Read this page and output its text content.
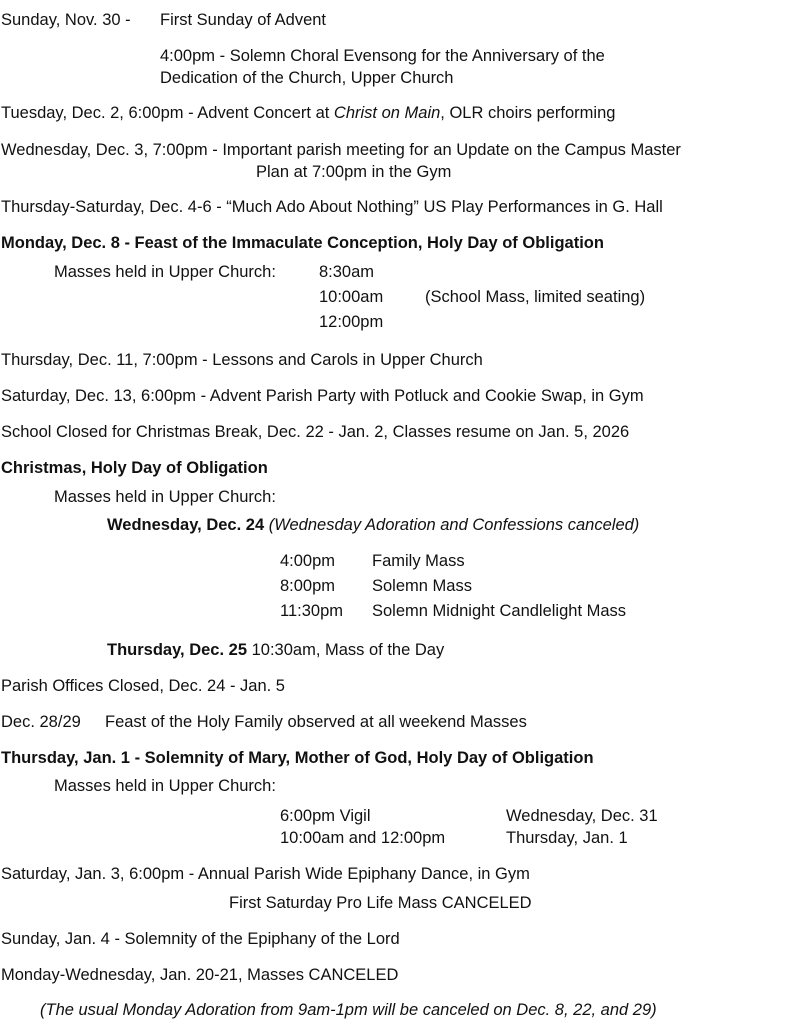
Sunday, Nov. 30 - First Sunday of Advent
4:00pm - Solemn Choral Evensong for the Anniversary of the
Dedication of the Church, Upper Church
Tuesday, Dec. 2, 6:00pm - Advent Concert at Christ on Main, OLR choirs performing
Wednesday, Dec. 3, 7:00pm - Important parish meeting for an Update on the Campus Master
Plan at 7:00pm in the Gym
Thursday-Saturday, Dec. 4-6 - “Much Ado About Nothing” US Play Performances in G. Hall
Monday, Dec. 8 - Feast of the Immaculate Conception, Holy Day of Obligation
Masses held in Upper Church:	8:30am
10:00am	(School Mass, limited seating)
12:00pm
Thursday, Dec. 11, 7:00pm - Lessons and Carols in Upper Church
Saturday, Dec. 13, 6:00pm - Advent Parish Party with Potluck and Cookie Swap, in Gym
School Closed for Christmas Break, Dec. 22 - Jan. 2, Classes resume on Jan. 5, 2026
Christmas, Holy Day of Obligation
Masses held in Upper Church:
Wednesday, Dec. 24 (Wednesday Adoration and Confessions canceled)
4:00pm Family Mass
8:00pm Solemn Mass
11:30pm Solemn Midnight Candlelight Mass
Thursday, Dec. 25 10:30am, Mass of the Day
Parish Offices Closed, Dec. 24 - Jan. 5
Dec. 28/29 Feast of the Holy Family observed at all weekend Masses
Thursday, Jan. 1 - Solemnity of Mary, Mother of God, Holy Day of Obligation
Masses held in Upper Church:
6:00pm Vigil	Wednesday, Dec. 31
10:00am and 12:00pm	Thursday, Jan. 1
Saturday, Jan. 3, 6:00pm - Annual Parish Wide Epiphany Dance, in Gym
First Saturday Pro Life Mass CANCELED
Sunday, Jan. 4 - Solemnity of the Epiphany of the Lord
Monday-Wednesday, Jan. 20-21, Masses CANCELED
(The usual Monday Adoration from 9am-1pm will be canceled on Dec. 8, 22, and 29)
